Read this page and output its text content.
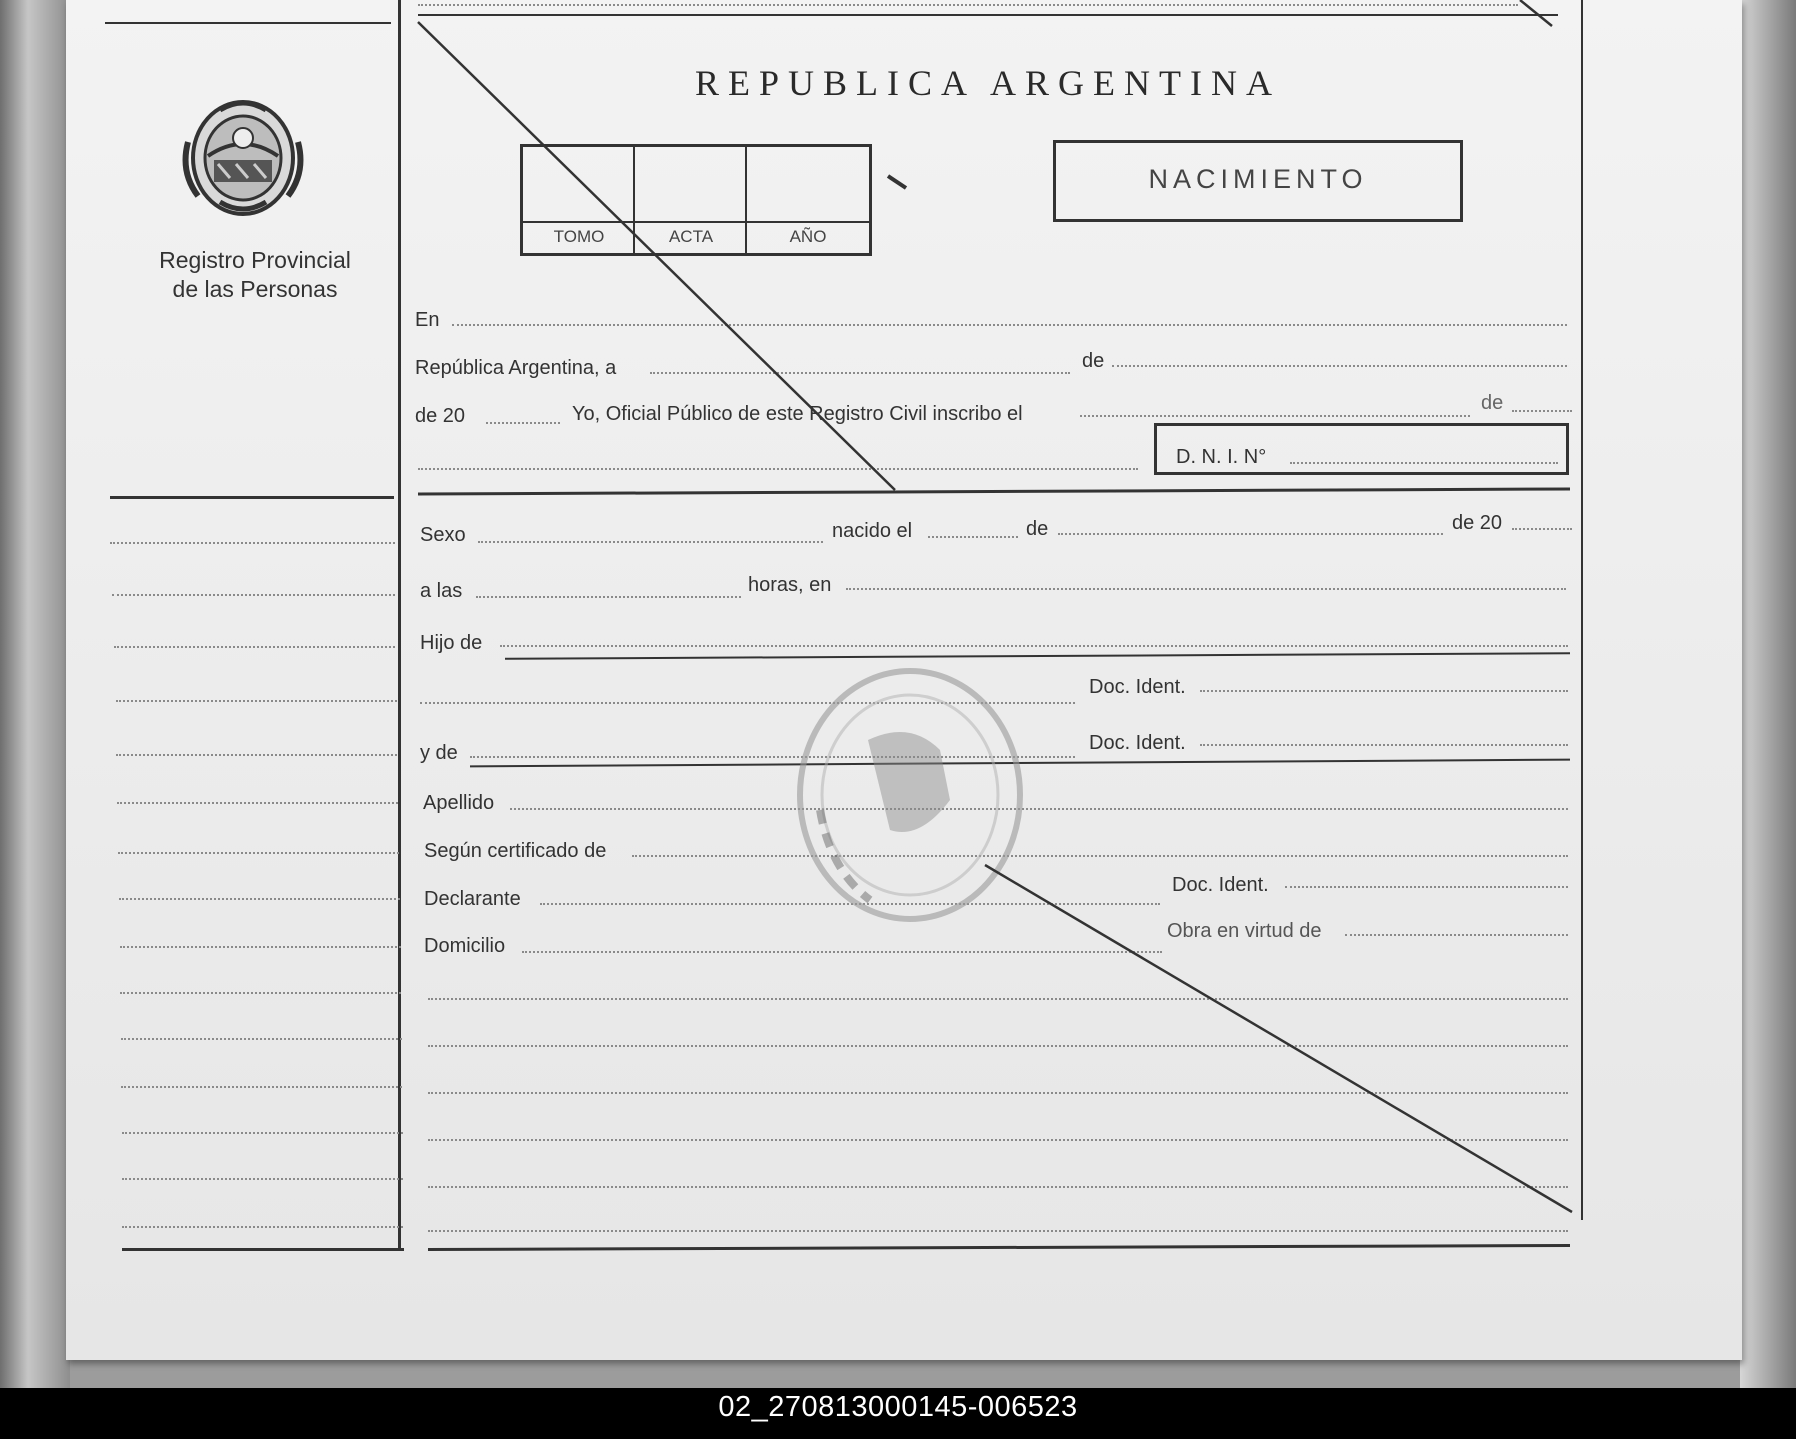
Registro Provincial
de las Personas
REPUBLICA ARGENTINA
TOMO	ACTA	AÑO
NACIMIENTO
En
República Argentina, a	de
de 20	Yo, Oficial Público de este Registro Civil inscribo el	de
D. N. I. N°
Sexo	nacido el	de	de 20
a las	horas, en
Hijo de
Doc. Ident.
y de	Doc. Ident.
Apellido
Según certificado de
Declarante
Doc. Ident.
Domicilio
Obra en virtud de
02_270813000145-006523
